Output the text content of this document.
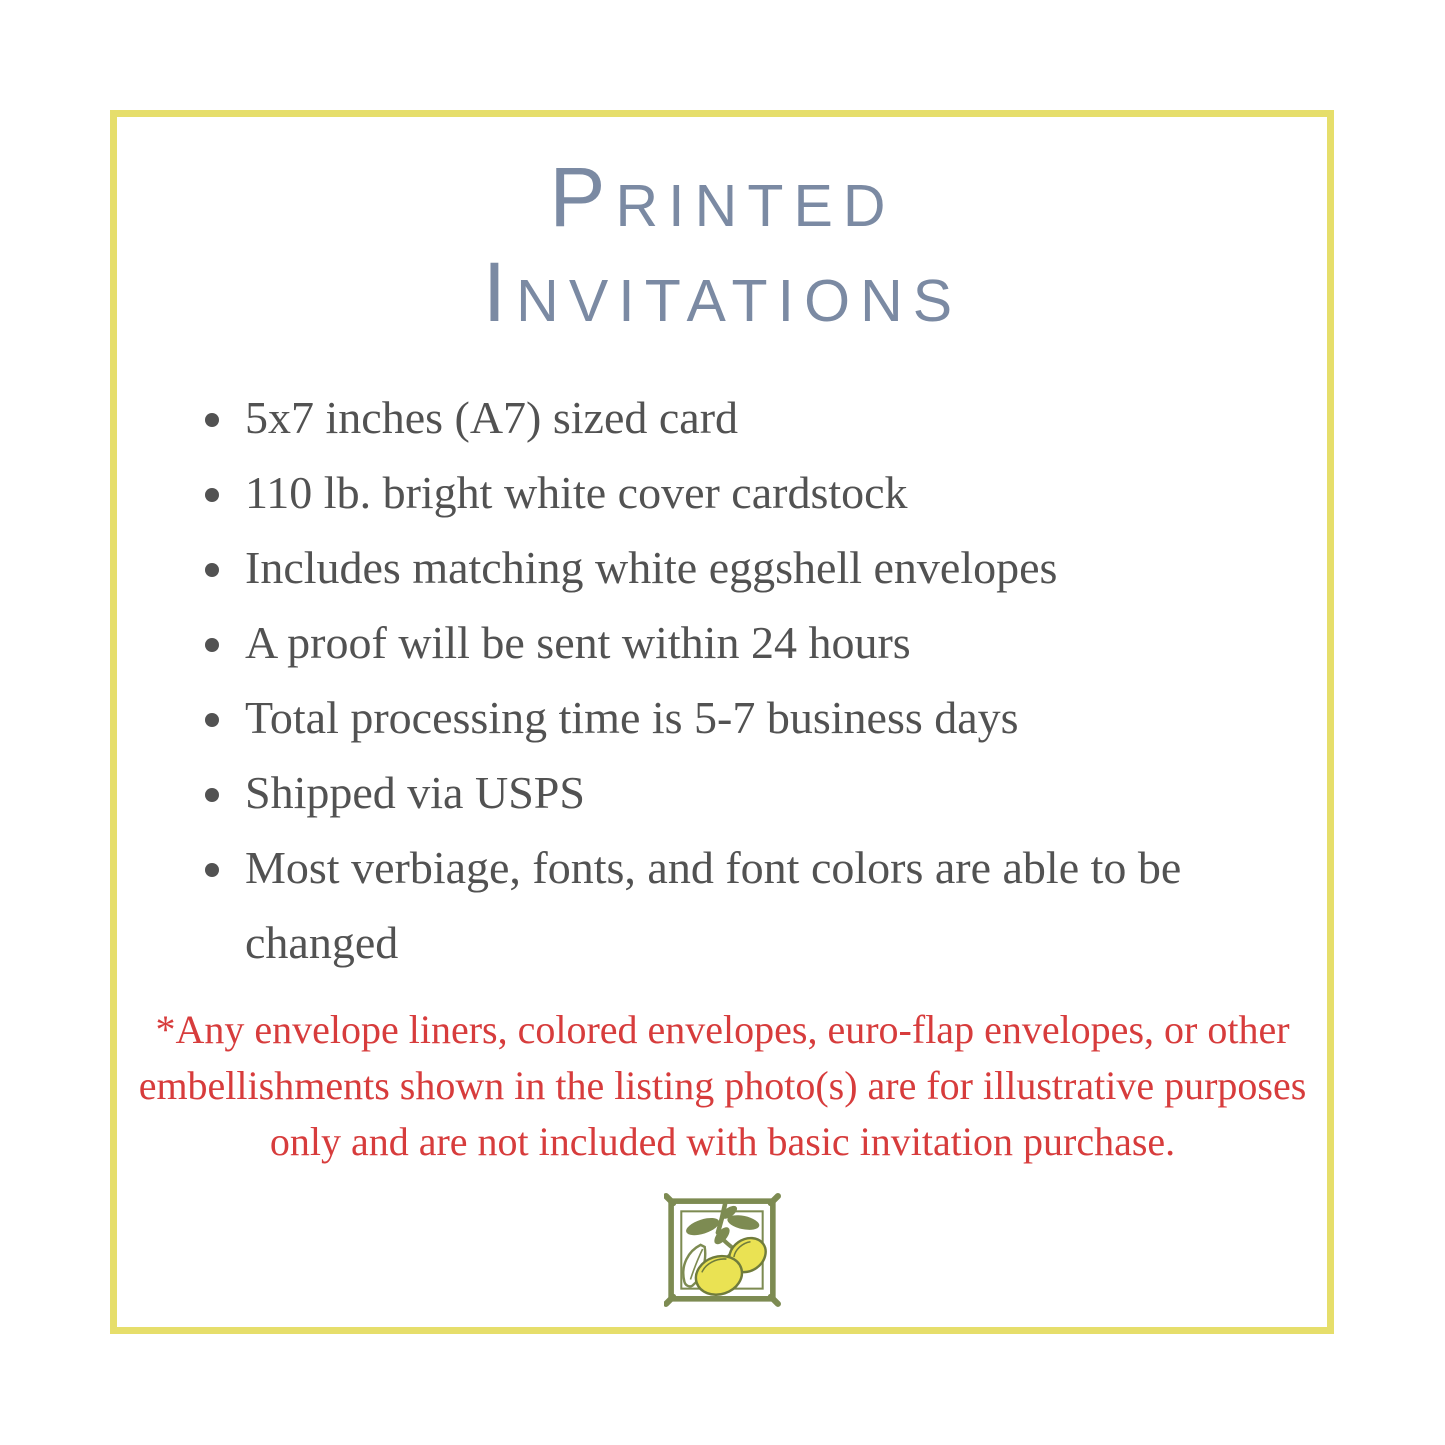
Printed
Invitations
• 5x7 inches (A7) sized card
• 110 lb. bright white cover cardstock
• Includes matching white eggshell envelopes
• A proof will be sent within 24 hours
• Total processing time is 5-7 business days
• Shipped via USPS
• Most verbiage, fonts, and font colors are able to be changed
*Any envelope liners, colored envelopes, euro-flap envelopes, or other
embellishments shown in the listing photo(s) are for illustrative purposes
only and are not included with basic invitation purchase.
